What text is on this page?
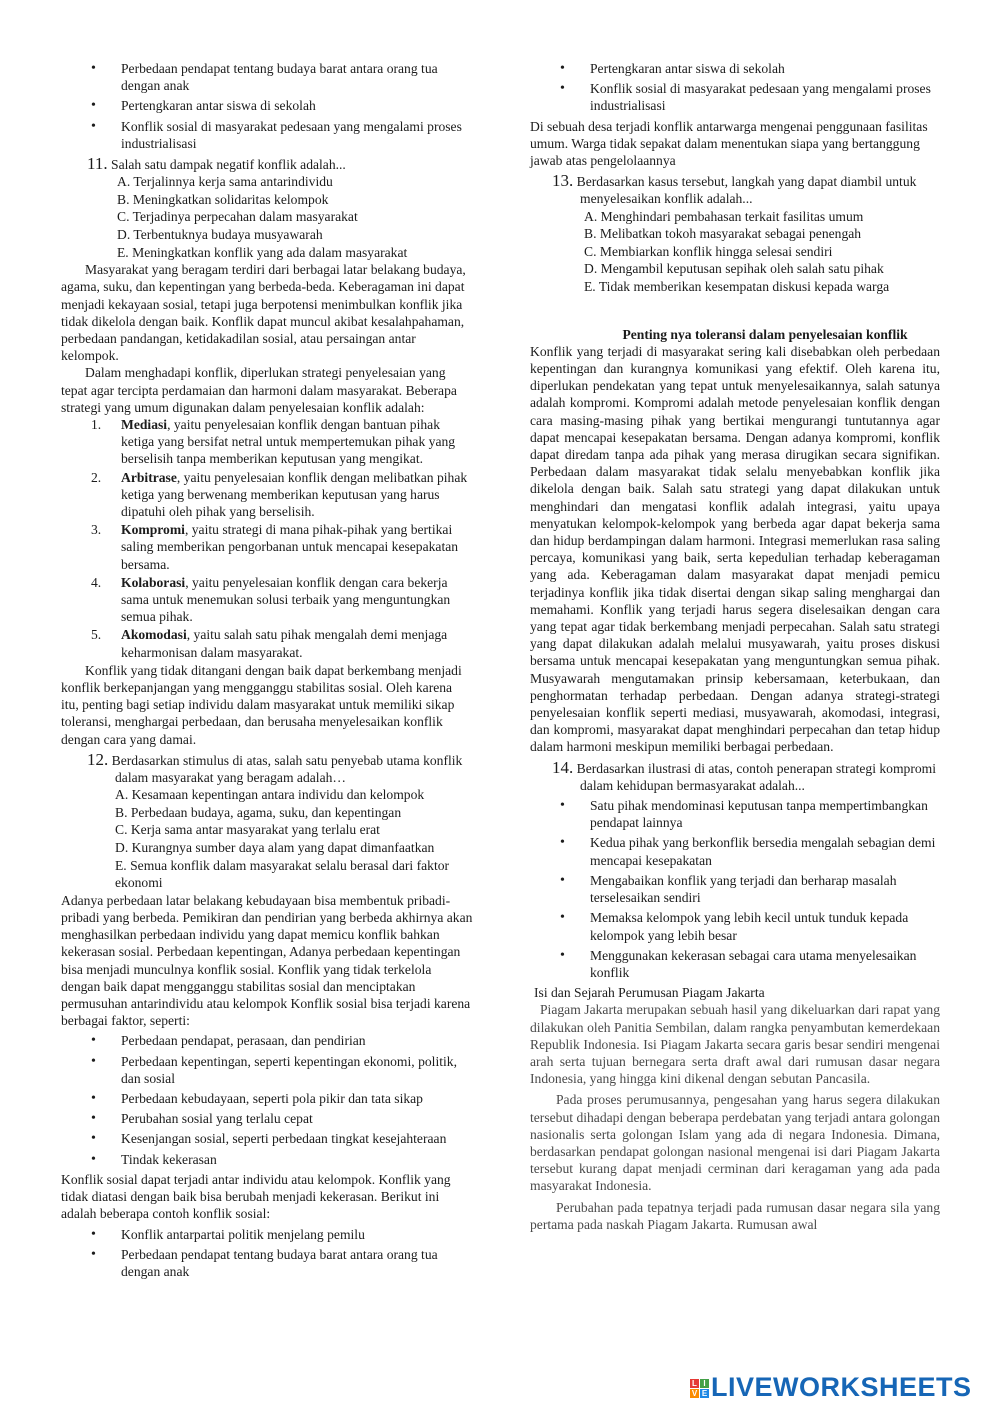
• Perbedaan pendapat tentang budaya barat antara orang tua dengan anak
• Pertengkaran antar siswa di sekolah
• Konflik sosial di masyarakat pedesaan yang mengalami proses industrialisasi
11. Salah satu dampak negatif konflik adalah...
A. Terjalinnya kerja sama antarindividu
B. Meningkatkan solidaritas kelompok
C. Terjadinya perpecahan dalam masyarakat
D. Terbentuknya budaya musyawarah
E. Meningkatkan konflik yang ada dalam masyarakat

Masyarakat yang beragam terdiri dari berbagai latar belakang budaya, agama, suku, dan kepentingan yang berbeda-beda. Keberagaman ini dapat menjadi kekayaan sosial, tetapi juga berpotensi menimbulkan konflik jika tidak dikelola dengan baik. Konflik dapat muncul akibat kesalahpahaman, perbedaan pandangan, ketidakadilan sosial, atau persaingan antar kelompok.

Dalam menghadapi konflik, diperlukan strategi penyelesaian yang tepat agar tercipta perdamaian dan harmoni dalam masyarakat. Beberapa strategi yang umum digunakan dalam penyelesaian konflik adalah:

1. Mediasi, yaitu penyelesaian konflik dengan bantuan pihak ketiga yang bersifat netral untuk mempertemukan pihak yang berselisih tanpa memberikan keputusan yang mengikat.
2. Arbitrase, yaitu penyelesaian konflik dengan melibatkan pihak ketiga yang berwenang memberikan keputusan yang harus dipatuhi oleh pihak yang berselisih.
3. Kompromi, yaitu strategi di mana pihak-pihak yang bertikai saling memberikan pengorbanan untuk mencapai kesepakatan bersama.
4. Kolaborasi, yaitu penyelesaian konflik dengan cara bekerja sama untuk menemukan solusi terbaik yang menguntungkan semua pihak.
5. Akomodasi, yaitu salah satu pihak mengalah demi menjaga keharmonisan dalam masyarakat.

Konflik yang tidak ditangani dengan baik dapat berkembang menjadi konflik berkepanjangan yang mengganggu stabilitas sosial. Oleh karena itu, penting bagi setiap individu dalam masyarakat untuk memiliki sikap toleransi, menghargai perbedaan, dan berusaha menyelesaikan konflik dengan cara yang damai.

12. Berdasarkan stimulus di atas, salah satu penyebab utama konflik dalam masyarakat yang beragam adalah…
A. Kesamaan kepentingan antara individu dan kelompok
B. Perbedaan budaya, agama, suku, dan kepentingan
C. Kerja sama antar masyarakat yang terlalu erat
D. Kurangnya sumber daya alam yang dapat dimanfaatkan
E. Semua konflik dalam masyarakat selalu berasal dari faktor ekonomi

Adanya perbedaan latar belakang kebudayaan bisa membentuk pribadi-pribadi yang berbeda. Pemikiran dan pendirian yang berbeda akhirnya akan menghasilkan perbedaan individu yang dapat memicu konflik bahkan kekerasan sosial. Perbedaan kepentingan, Adanya perbedaan kepentingan bisa menjadi munculnya konflik sosial. Konflik yang tidak terkelola dengan baik dapat mengganggu stabilitas sosial dan menciptakan permusuhan antarindividu atau kelompok Konflik sosial bisa terjadi karena berbagai faktor, seperti:

• Perbedaan pendapat, perasaan, dan pendirian
• Perbedaan kepentingan, seperti kepentingan ekonomi, politik, dan sosial
• Perbedaan kebudayaan, seperti pola pikir dan tata sikap
• Perubahan sosial yang terlalu cepat
• Kesenjangan sosial, seperti perbedaan tingkat kesejahteraan
• Tindak kekerasan

Konflik sosial dapat terjadi antar individu atau kelompok. Konflik yang tidak diatasi dengan baik bisa berubah menjadi kekerasan. Berikut ini adalah beberapa contoh konflik sosial:

• Konflik antarpartai politik menjelang pemilu
• Perbedaan pendapat tentang budaya barat antara orang tua dengan anak
• Pertengkaran antar siswa di sekolah
• Konflik sosial di masyarakat pedesaan yang mengalami proses industrialisasi

Di sebuah desa terjadi konflik antarwarga mengenai penggunaan fasilitas umum. Warga tidak sepakat dalam menentukan siapa yang bertanggung jawab atas pengelolaannya

13. Berdasarkan kasus tersebut, langkah yang dapat diambil untuk menyelesaikan konflik adalah...
A. Menghindari pembahasan terkait fasilitas umum
B. Melibatkan tokoh masyarakat sebagai penengah
C. Membiarkan konflik hingga selesai sendiri
D. Mengambil keputusan sepihak oleh salah satu pihak
E. Tidak memberikan kesempatan diskusi kepada warga
Penting nya toleransi dalam penyelesaian konflik

Konflik yang terjadi di masyarakat sering kali disebabkan oleh perbedaan kepentingan dan kurangnya komunikasi yang efektif. Oleh karena itu, diperlukan pendekatan yang tepat untuk menyelesaikannya, salah satunya adalah kompromi. Kompromi adalah metode penyelesaian konflik dengan cara masing-masing pihak yang bertikai mengurangi tuntutannya agar dapat mencapai kesepakatan bersama. Dengan adanya kompromi, konflik dapat diredam tanpa ada pihak yang merasa dirugikan secara signifikan. Perbedaan dalam masyarakat tidak selalu menyebabkan konflik jika dikelola dengan baik. Salah satu strategi yang dapat dilakukan untuk menghindari dan mengatasi konflik adalah integrasi, yaitu upaya menyatukan kelompok-kelompok yang berbeda agar dapat bekerja sama dan hidup berdampingan dalam harmoni. Integrasi memerlukan rasa saling percaya, komunikasi yang baik, serta kepedulian terhadap keberagaman yang ada. Keberagaman dalam masyarakat dapat menjadi pemicu terjadinya konflik jika tidak disertai dengan sikap saling menghargai dan memahami. Konflik yang terjadi harus segera diselesaikan dengan cara yang tepat agar tidak berkembang menjadi perpecahan. Salah satu strategi yang dapat dilakukan adalah melalui musyawarah, yaitu proses diskusi bersama untuk mencapai kesepakatan yang menguntungkan semua pihak. Musyawarah mengutamakan prinsip kebersamaan, keterbukaan, dan penghormatan terhadap perbedaan. Dengan adanya strategi-strategi penyelesaian konflik seperti mediasi, musyawarah, akomodasi, integrasi, dan kompromi, masyarakat dapat menghindari perpecahan dan tetap hidup dalam harmoni meskipun memiliki berbagai perbedaan.

14. Berdasarkan ilustrasi di atas, contoh penerapan strategi kompromi dalam kehidupan bermasyarakat adalah...
• Satu pihak mendominasi keputusan tanpa mempertimbangkan pendapat lainnya
• Kedua pihak yang berkonflik bersedia mengalah sebagian demi mencapai kesepakatan
• Mengabaikan konflik yang terjadi dan berharap masalah terselesaikan sendiri
• Memaksa kelompok yang lebih kecil untuk tunduk kepada kelompok yang lebih besar
• Menggunakan kekerasan sebagai cara utama menyelesaikan konflik

Isi dan Sejarah Perumusan Piagam Jakarta

Piagam Jakarta merupakan sebuah hasil yang dikeluarkan dari rapat yang dilakukan oleh Panitia Sembilan, dalam rangka penyambutan kemerdekaan Republik Indonesia. Isi Piagam Jakarta secara garis besar sendiri mengenai arah serta tujuan bernegara serta draft awal dari rumusan dasar negara Indonesia, yang hingga kini dikenal dengan sebutan Pancasila.

Pada proses perumusannya, pengesahan yang harus segera dilakukan tersebut dihadapi dengan beberapa perdebatan yang terjadi antara golongan nasionalis serta golongan Islam yang ada di negara Indonesia. Dimana, berdasarkan pendapat golongan nasional mengenai isi dari Piagam Jakarta tersebut kurang dapat menjadi cerminan dari keragaman yang ada pada masyarakat Indonesia.

Perubahan pada tepatnya terjadi pada rumusan dasar negara sila yang pertama pada naskah Piagam Jakarta. Rumusan awal

L I
V E LIVEWORKSHEETS
